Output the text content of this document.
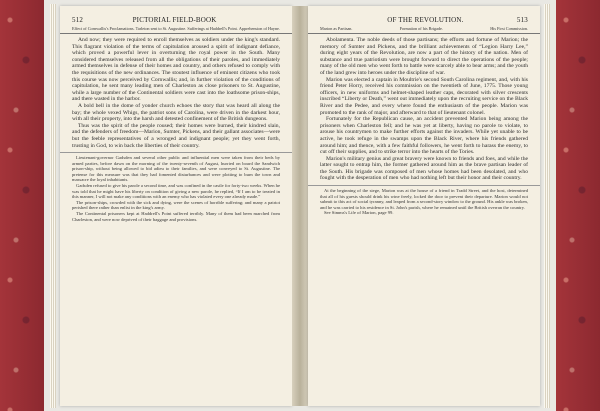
512	PICTORIAL FIELD-BOOK
Effect of Cornwallis's Proclamations. Tarleton sent to St. Augustine. Sufferings at Haddrell's Point. Apprehension of Hayne.

And now; they were required to enroll themselves as soldiers under the king's standard. This flagrant violation of the terms of capitulation aroused a spirit of indignant defiance, which proved a powerful lever in overturning the royal power in the South. Many considered themselves released from all the obligations of their paroles, and immediately armed themselves in defense of their homes and country, and others refused to comply with the requisitions of the new ordinances. The stoutest influence of eminent citizens who took this course was now perceived by Cornwallis; and, in further violation of the conditions of capitulation, he sent many leading men of Charleston as close prisoners to St. Augustine, while a large number of the Continental soldiers were cast into the loathsome prison-ships, and there wasted in the harbor.

A bold bell in the dome of yonder church echoes the story that was heard all along the bay; the whole vexed Whigs, the patriot sons of Carolina, were driven in the darkest hour, with all their property, into the harsh and detested confinement of the British dungeons.

Thus was the spirit of the people roused; their homes were burned, their kindred slain, and the defenders of freedom—Marion, Sumter, Pickens, and their gallant associates—were but the feeble representatives of a wronged and indignant people; yet they went forth, trusting in God, to win back the liberties of their country.

Lieutenant-governor Gadsden and several other public and influential men were taken from their beds by armed parties, before dawn on the morning of the twenty-seventh of August, hurried on board the Sandwich prison-ship, without being allowed to bid adieu to their families, and were conveyed to St. Augustine. The pretense for this measure was that they had fomented disturbances and were plotting to burn the town and massacre the loyal inhabitants.

Gadsden refused to give his parole a second time, and was confined in the castle for forty-two weeks. When he was told that he might have his liberty on condition of giving a new parole, he replied, “If I am to be treated in this manner, I will not make any conditions with an enemy who has violated every one already made.”

The prison-ships, crowded with the sick and dying, were the scenes of horrible suffering; and many a patriot perished there rather than enlist in the king's army.

The Continental prisoners kept at Haddrell's Point suffered terribly. Many of them had been marched from Charleston, and were now deprived of their baggage and provisions.

OF THE REVOLUTION.	513
Marion as Partisan.	Formation of his Brigade.	His First Commission.

Abolamenta. The noble deeds of those partisans; the efforts and fortune of Marion; the memory of Sumter and Pickens, and the brilliant achievements of “Legion Harry Lee,” during eight years of the Revolution, are now a part of the history of the nation. Men of substance and true patriotism were brought forward to direct the operations of the people; many of the old men who went forth to battle were scarcely able to bear arms; and the youth of the land grew into heroes under the discipline of war.

Marion was elected a captain in Moultrie's second South Carolina regiment, and, with his friend Peter Horry, received his commission on the twentieth of June, 1775. Those young officers, in new uniforms and helmet-shaped leather caps, decorated with silver crescents inscribed “Liberty or Death,” went out immediately upon the recruiting service on the Black River and the Pedee, and every where found the enthusiasm of the people. Marion was promoted to the rank of major, and afterward to that of lieutenant colonel.

Fortunately for the Republican cause, an accident prevented Marion being among the prisoners when Charleston fell; and he was yet at liberty, having no parole to violate, to arouse his countrymen to make further efforts against the invaders. While yet unable to be active, he took refuge in the swamps upon the Black River, where his friends gathered around him; and thence, with a few faithful followers, he went forth to harass the enemy, to cut off their supplies, and to strike terror into the hearts of the Tories.

Marion's military genius and great bravery were known to friends and foes, and while the latter sought to entrap him, the former gathered around him as the brave partisan leader of the South. His brigade was composed of men whose homes had been desolated, and who fought with the desperation of men who had nothing left but their honor and their country.

At the beginning of the siege, Marion was at the house of a friend in Tradd Street, and the host, determined that all of his guests should drink his wine freely, locked the door to prevent their departure. Marion would not submit to this act of social tyranny, and leaped from a second-story window to the ground. His ankle was broken, and he was carried to his residence in St. John's parish, where he remained until the British overran the country.

See Simms's Life of Marion, page 99.
